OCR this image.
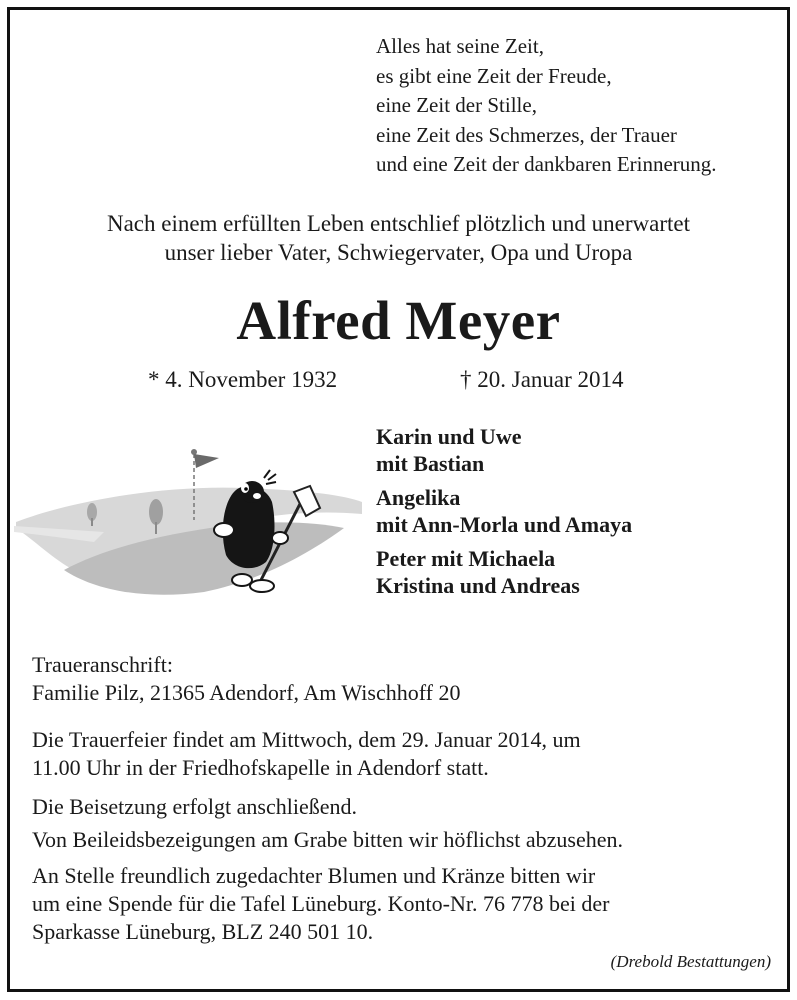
Alles hat seine Zeit,
es gibt eine Zeit der Freude,
eine Zeit der Stille,
eine Zeit des Schmerzes, der Trauer
und eine Zeit der dankbaren Erinnerung.
Nach einem erfüllten Leben entschlief plötzlich und unerwartet
unser lieber Vater, Schwiegervater, Opa und Uropa
Alfred Meyer
* 4. November 1932	† 20. Januar 2014
Karin und Uwe
mit Bastian
Angelika
mit Ann-Morla und Amaya
Peter mit Michaela
Kristina und Andreas
Traueranschrift:
Familie Pilz, 21365 Adendorf, Am Wischhoff 20
Die Trauerfeier findet am Mittwoch, dem 29. Januar 2014, um
11.00 Uhr in der Friedhofskapelle in Adendorf statt.
Die Beisetzung erfolgt anschließend.
Von Beileidsbezeigungen am Grabe bitten wir höflichst abzusehen.
An Stelle freundlich zugedachter Blumen und Kränze bitten wir
um eine Spende für die Tafel Lüneburg. Konto-Nr. 76 778 bei der
Sparkasse Lüneburg, BLZ 240 501 10.
(Drebold Bestattungen)
